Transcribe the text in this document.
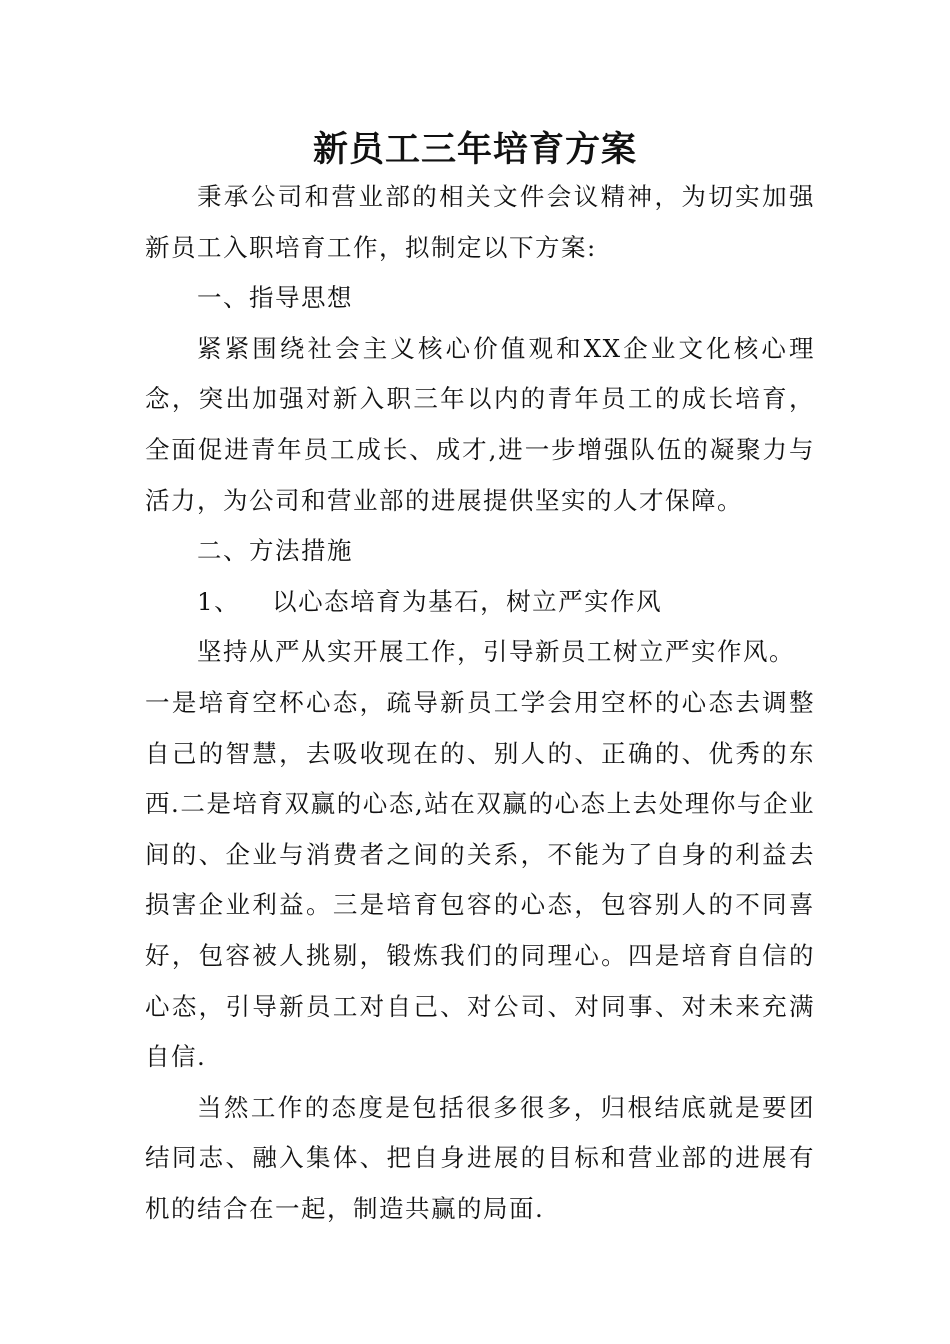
新员工三年培育方案

秉承公司和营业部的相关文件会议精神，为切实加强新员工入职培育工作，拟制定以下方案:

一、指导思想

紧紧围绕社会主义核心价值观和XX企业文化核心理念，突出加强对新入职三年以内的青年员工的成长培育，全面促进青年员工成长、成才,进一步增强队伍的凝聚力与活力，为公司和营业部的进展提供坚实的人才保障。

二、方法措施

1、 以心态培育为基石，树立严实作风

坚持从严从实开展工作，引导新员工树立严实作风。

一是培育空杯心态，疏导新员工学会用空杯的心态去调整自己的智慧，去吸收现在的、别人的、正确的、优秀的东西.二是培育双赢的心态,站在双赢的心态上去处理你与企业间的、企业与消费者之间的关系，不能为了自身的利益去损害企业利益。三是培育包容的心态，包容别人的不同喜好，包容被人挑剔，锻炼我们的同理心。四是培育自信的心态，引导新员工对自己、对公司、对同事、对未来充满自信.

当然工作的态度是包括很多很多，归根结底就是要团结同志、融入集体、把自身进展的目标和营业部的进展有机的结合在一起，制造共赢的局面.
